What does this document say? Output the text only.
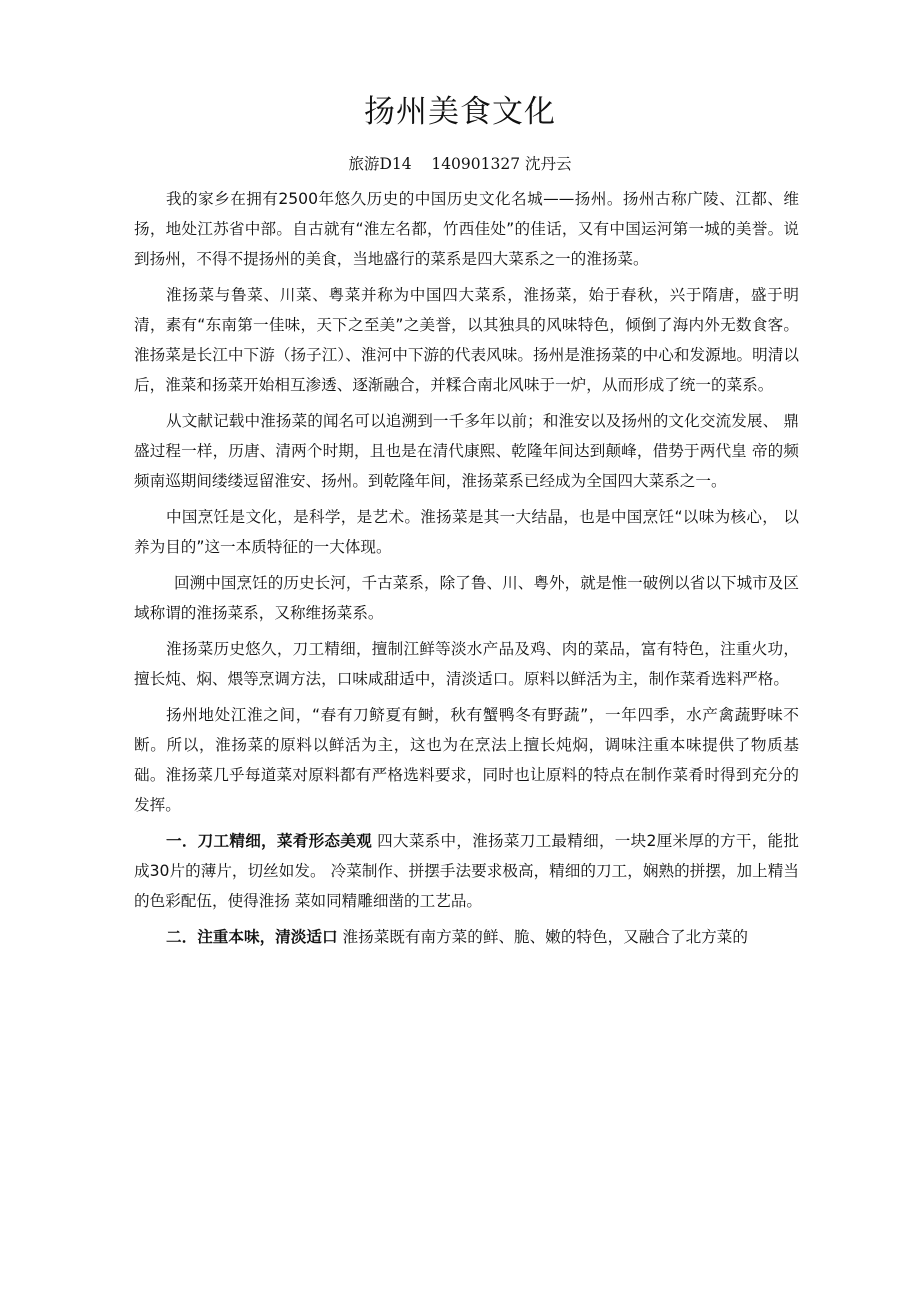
扬州美食文化
旅游D14    140901327 沈丹云

我的家乡在拥有2500年悠久历史的中国历史文化名城——扬州。扬州古称广陵、江都、维扬，地处江苏省中部。自古就有“淮左名都，竹西佳处”的佳话，又有中国运河第一城的美誉。说到扬州，不得不提扬州的美食，当地盛行的菜系是四大菜系之一的淮扬菜。

淮扬菜与鲁菜、川菜、粤菜并称为中国四大菜系，淮扬菜，始于春秋，兴于隋唐，盛于明清，素有“东南第一佳味，天下之至美”之美誉，以其独具的风味特色，倾倒了海内外无数食客。淮扬菜是长江中下游（扬子江）、淮河中下游的代表风味。扬州是淮扬菜的中心和发源地。明清以后，淮菜和扬菜开始相互渗透、逐渐融合，并糅合南北风味于一炉，从而形成了统一的菜系。

从文献记载中淮扬菜的闻名可以追溯到一千多年以前；和淮安以及扬州的文化交流发展、 鼎盛过程一样，历唐、清两个时期，且也是在清代康熙、乾隆年间达到颠峰，借势于两代皇 帝的频频南巡期间缕缕逗留淮安、扬州。到乾隆年间，淮扬菜系已经成为全国四大菜系之一。

中国烹饪是文化，是科学，是艺术。淮扬菜是其一大结晶，也是中国烹饪“以味为核心， 以养为目的”这一本质特征的一大体现。

回溯中国烹饪的历史长河，千古菜系，除了鲁、川、粤外，就是惟一破例以省以下城市及区域称谓的淮扬菜系，又称维扬菜系。

淮扬菜历史悠久，刀工精细，擅制江鲜等淡水产品及鸡、肉的菜品，富有特色，注重火功，擅长炖、焖、煨等烹调方法，口味咸甜适中，清淡适口。原料以鲜活为主，制作菜肴选料严格。

扬州地处江淮之间，“春有刀鲚夏有鲥，秋有蟹鸭冬有野蔬”，一年四季，水产禽蔬野味不断。所以，淮扬菜的原料以鲜活为主，这也为在烹法上擅长炖焖，调味注重本味提供了物质基础。淮扬菜几乎每道菜对原料都有严格选料要求，同时也让原料的特点在制作菜肴时得到充分的发挥。

一．刀工精细，菜肴形态美观 四大菜系中，淮扬菜刀工最精细，一块2厘米厚的方干，能批成30片的薄片，切丝如发。 冷菜制作、拼摆手法要求极高，精细的刀工，娴熟的拼摆，加上精当的色彩配伍，使得淮扬 菜如同精雕细凿的工艺品。

二．注重本味，清淡适口 淮扬菜既有南方菜的鲜、脆、嫩的特色，又融合了北方菜的
